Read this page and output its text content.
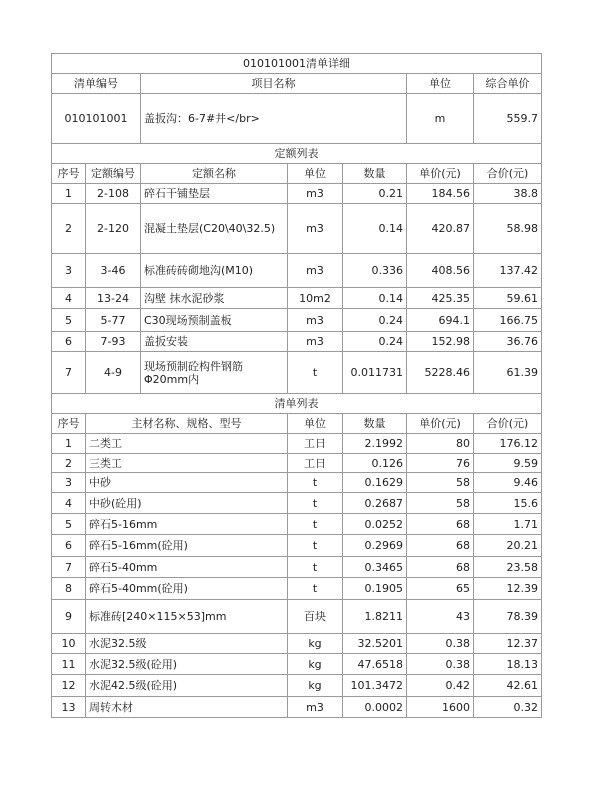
010101001清单详细						
清单编号		项目名称			单位	综合单价
010101001		盖扳沟：6-7#井</br>			m	559.7
定额列表						
序号	定额编号	定额名称	单位	数量	单价(元)	合价(元)
1	2-108	碎石干铺垫层	m3	0.21	184.56	38.8
2	2-120	混凝土垫层(C20\40\32.5)	m3	0.14	420.87	58.98
3	3-46	标准砖砖砌地沟(M10)	m3	0.336	408.56	137.42
4	13-24	沟壁 抹水泥砂浆	10m2	0.14	425.35	59.61
5	5-77	C30现场预制盖板	m3	0.24	694.1	166.75
6	7-93	盖扳安装	m3	0.24	152.98	36.76
7	4-9	现场预制砼构件钢筋Φ20mm内	t	0.011731	5228.46	61.39
清单列表						
序号	主材名称、规格、型号		单位	数量	单价(元)	合价(元)
1	二类工		工日	2.1992	80	176.12
2	三类工		工日	0.126	76	9.59
3	中砂		t	0.1629	58	9.46
4	中砂(砼用)		t	0.2687	58	15.6
5	碎石5-16mm		t	0.0252	68	1.71
6	碎石5-16mm(砼用)		t	0.2969	68	20.21
7	碎石5-40mm		t	0.3465	68	23.58
8	碎石5-40mm(砼用)		t	0.1905	65	12.39
9	标准砖[240×115×53]mm		百块	1.8211	43	78.39
10	水泥32.5级		kg	32.5201	0.38	12.37
11	水泥32.5级(砼用)		kg	47.6518	0.38	18.13
12	水泥42.5级(砼用)		kg	101.3472	0.42	42.61
13	周转木材		m3	0.0002	1600	0.32
